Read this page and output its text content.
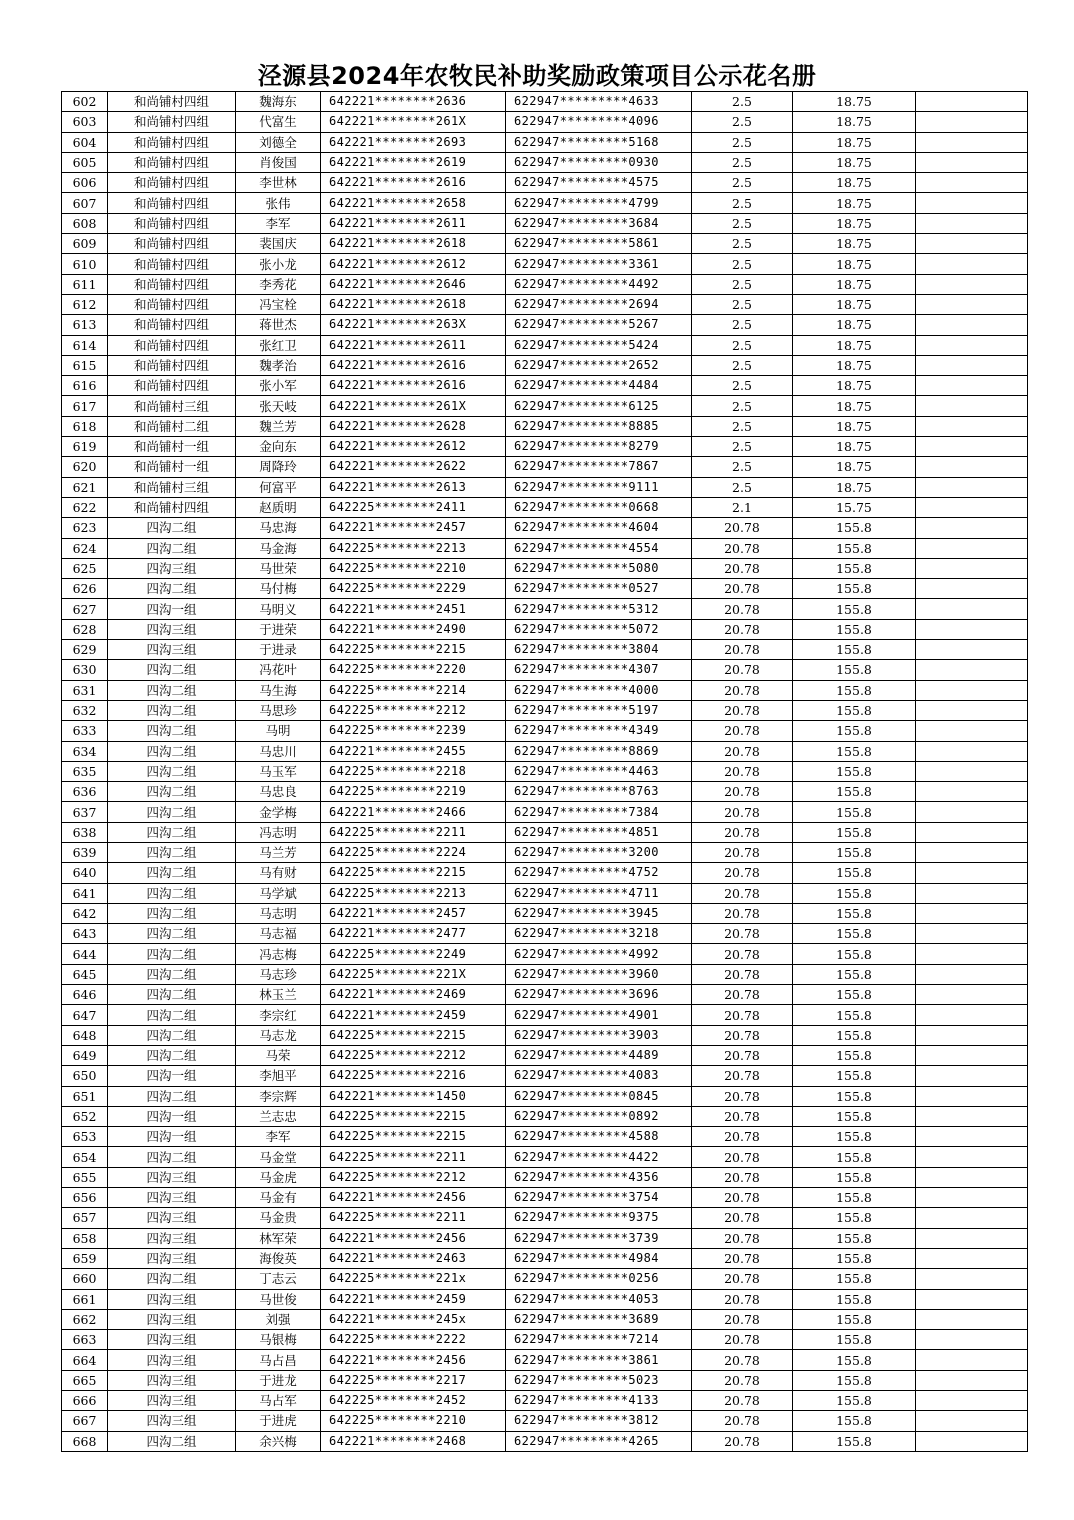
泾源县2024年农牧民补助奖励政策项目公示花名册
602	和尚铺村四组	魏海东	642221********2636	622947*********4633	2.5	18.75	
603	和尚铺村四组	代富生	642221********261X	622947*********4096	2.5	18.75	
604	和尚铺村四组	刘德全	642221********2693	622947*********5168	2.5	18.75	
605	和尚铺村四组	肖俊国	642221********2619	622947*********0930	2.5	18.75	
606	和尚铺村四组	李世林	642221********2616	622947*********4575	2.5	18.75	
607	和尚铺村四组	张伟	642221********2658	622947*********4799	2.5	18.75	
608	和尚铺村四组	李军	642221********2611	622947*********3684	2.5	18.75	
609	和尚铺村四组	裴国庆	642221********2618	622947*********5861	2.5	18.75	
610	和尚铺村四组	张小龙	642221********2612	622947*********3361	2.5	18.75	
611	和尚铺村四组	李秀花	642221********2646	622947*********4492	2.5	18.75	
612	和尚铺村四组	冯宝栓	642221********2618	622947*********2694	2.5	18.75	
613	和尚铺村四组	蒋世杰	642221********263X	622947*********5267	2.5	18.75	
614	和尚铺村四组	张红卫	642221********2611	622947*********5424	2.5	18.75	
615	和尚铺村四组	魏孝治	642221********2616	622947*********2652	2.5	18.75	
616	和尚铺村四组	张小军	642221********2616	622947*********4484	2.5	18.75	
617	和尚铺村三组	张天岐	642221********261X	622947*********6125	2.5	18.75	
618	和尚铺村二组	魏兰芳	642221********2628	622947*********8885	2.5	18.75	
619	和尚铺村一组	金向东	642221********2612	622947*********8279	2.5	18.75	
620	和尚铺村一组	周降玲	642221********2622	622947*********7867	2.5	18.75	
621	和尚铺村三组	何富平	642221********2613	622947*********9111	2.5	18.75	
622	和尚铺村四组	赵质明	642225********2411	622947*********0668	2.1	15.75	
623	四沟二组	马忠海	642221********2457	622947*********4604	20.78	155.8	
624	四沟二组	马金海	642225********2213	622947*********4554	20.78	155.8	
625	四沟三组	马世荣	642225********2210	622947*********5080	20.78	155.8	
626	四沟二组	马付梅	642225********2229	622947*********0527	20.78	155.8	
627	四沟一组	马明义	642221********2451	622947*********5312	20.78	155.8	
628	四沟三组	于进荣	642221********2490	622947*********5072	20.78	155.8	
629	四沟三组	于进录	642225********2215	622947*********3804	20.78	155.8	
630	四沟二组	冯花叶	642225********2220	622947*********4307	20.78	155.8	
631	四沟二组	马生海	642225********2214	622947*********4000	20.78	155.8	
632	四沟二组	马思珍	642225********2212	622947*********5197	20.78	155.8	
633	四沟二组	马明	642225********2239	622947*********4349	20.78	155.8	
634	四沟二组	马忠川	642221********2455	622947*********8869	20.78	155.8	
635	四沟二组	马玉军	642225********2218	622947*********4463	20.78	155.8	
636	四沟二组	马忠良	642225********2219	622947*********8763	20.78	155.8	
637	四沟二组	金学梅	642221********2466	622947*********7384	20.78	155.8	
638	四沟二组	冯志明	642225********2211	622947*********4851	20.78	155.8	
639	四沟二组	马兰芳	642225********2224	622947*********3200	20.78	155.8	
640	四沟二组	马有财	642225********2215	622947*********4752	20.78	155.8	
641	四沟二组	马学斌	642225********2213	622947*********4711	20.78	155.8	
642	四沟二组	马志明	642221********2457	622947*********3945	20.78	155.8	
643	四沟二组	马志福	642221********2477	622947*********3218	20.78	155.8	
644	四沟二组	冯志梅	642225********2249	622947*********4992	20.78	155.8	
645	四沟二组	马志珍	642225********221X	622947*********3960	20.78	155.8	
646	四沟二组	林玉兰	642221********2469	622947*********3696	20.78	155.8	
647	四沟二组	李宗红	642221********2459	622947*********4901	20.78	155.8	
648	四沟二组	马志龙	642225********2215	622947*********3903	20.78	155.8	
649	四沟二组	马荣	642225********2212	622947*********4489	20.78	155.8	
650	四沟一组	李旭平	642225********2216	622947*********4083	20.78	155.8	
651	四沟二组	李宗辉	642221********1450	622947*********0845	20.78	155.8	
652	四沟一组	兰志忠	642225********2215	622947*********0892	20.78	155.8	
653	四沟一组	李军	642225********2215	622947*********4588	20.78	155.8	
654	四沟二组	马金堂	642225********2211	622947*********4422	20.78	155.8	
655	四沟三组	马金虎	642225********2212	622947*********4356	20.78	155.8	
656	四沟三组	马金有	642221********2456	622947*********3754	20.78	155.8	
657	四沟三组	马金贵	642225********2211	622947*********9375	20.78	155.8	
658	四沟三组	林军荣	642221********2456	622947*********3739	20.78	155.8	
659	四沟三组	海俊英	642221********2463	622947*********4984	20.78	155.8	
660	四沟二组	丁志云	642225********221x	622947*********0256	20.78	155.8	
661	四沟三组	马世俊	642221********2459	622947*********4053	20.78	155.8	
662	四沟三组	刘强	642221********245x	622947*********3689	20.78	155.8	
663	四沟三组	马银梅	642225********2222	622947*********7214	20.78	155.8	
664	四沟三组	马占昌	642221********2456	622947*********3861	20.78	155.8	
665	四沟三组	于进龙	642225********2217	622947*********5023	20.78	155.8	
666	四沟三组	马占军	642225********2452	622947*********4133	20.78	155.8	
667	四沟三组	于进虎	642225********2210	622947*********3812	20.78	155.8	
668	四沟二组	余兴梅	642221********2468	622947*********4265	20.78	155.8	
